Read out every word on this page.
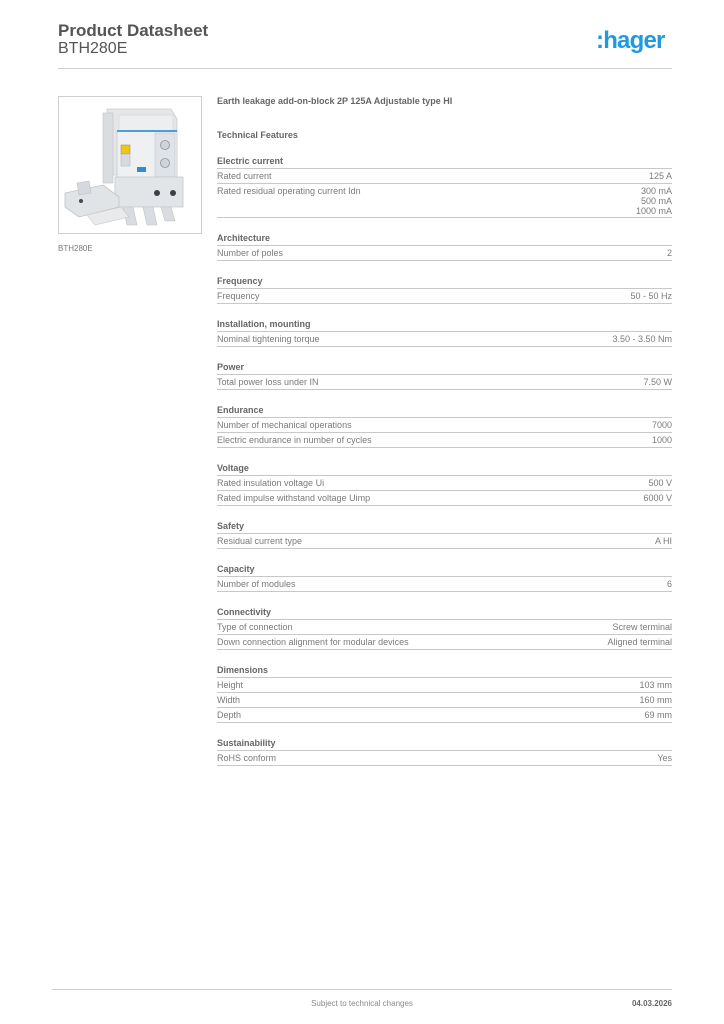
Product Datasheet
BTH280E	:hager
BTH280E
Earth leakage add-on-block 2P 125A Adjustable type HI
Technical Features
Electric current
Rated current	125 A
Rated residual operating current Idn	300 mA
500 mA
1000 mA
Architecture
Number of poles	2
Frequency
Frequency	50 - 50 Hz
Installation, mounting
Nominal tightening torque	3.50 - 3.50 Nm
Power
Total power loss under IN	7.50 W
Endurance
Number of mechanical operations	7000
Electric endurance in number of cycles	1000
Voltage
Rated insulation voltage Ui	500 V
Rated impulse withstand voltage Uimp	6000 V
Safety
Residual current type	A HI
Capacity
Number of modules	6
Connectivity
Type of connection	Screw terminal
Down connection alignment for modular devices	Aligned terminal
Dimensions
Height	103 mm
Width	160 mm
Depth	69 mm
Sustainability
RoHS conform	Yes
Subject to technical changes	04.03.2026
